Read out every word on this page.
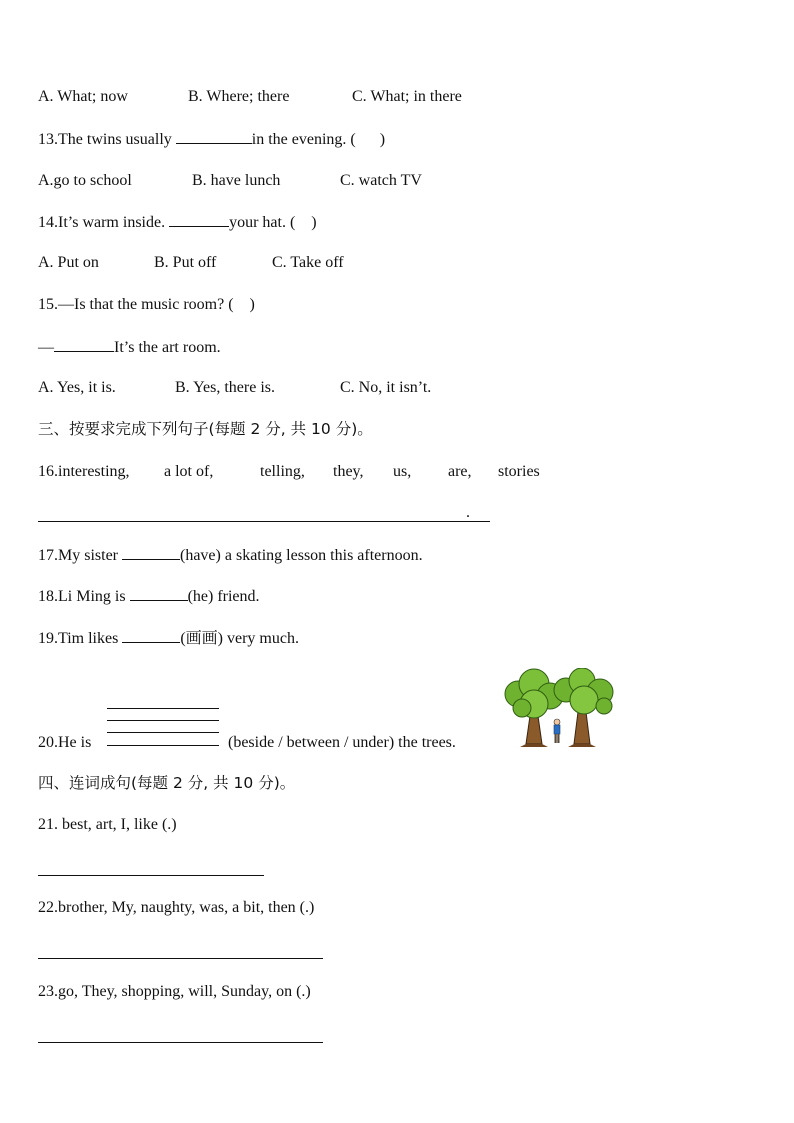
A. What; now	B. Where; there	C. What; in there
13.The twins usually	in the evening. (      )
A.go to school	B. have lunch	C. watch TV
14.It’s warm inside.	your hat. (    )
A. Put on	B. Put off	C. Take off
15.—Is that the music room? (    )
—	It’s the art room.
A. Yes, it is.	B. Yes, there is.	C. No, it isn’t.
三、按要求完成下列句子(每题 2 分, 共 10 分)。
16.interesting, a lot of,	telling, they, us, are, stories
.
17.My sister	(have) a skating lesson this afternoon.
18.Li Ming is	(he) friend.
19.Tim likes	(画画) very much.
20.He is	(beside / between / under) the trees.
四、连词成句(每题 2 分, 共 10 分)。
21. best, art, I, like (.)
22.brother, My, naughty, was, a bit, then (.)
23.go, They, shopping, will, Sunday, on (.)
